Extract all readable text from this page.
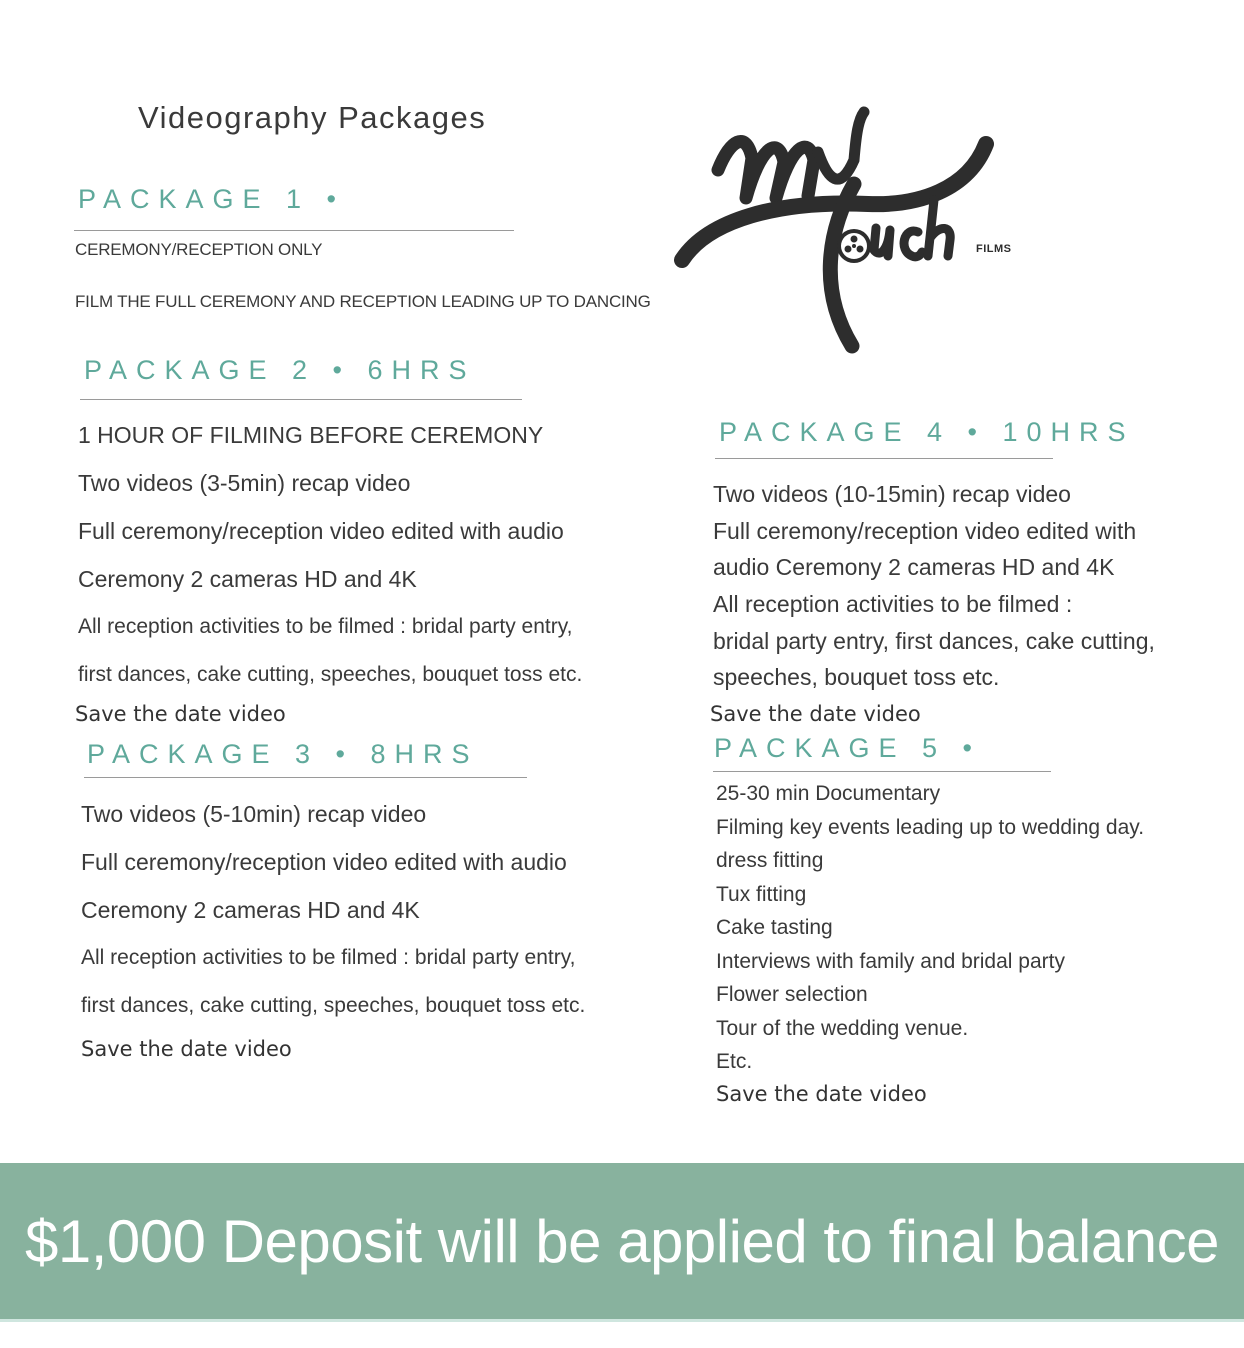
Videography Packages
FILMS
PACKAGE 1 •
CEREMONY/RECEPTION ONLY
FILM THE FULL CEREMONY AND RECEPTION LEADING UP TO DANCING
PACKAGE 2 • 6HRS
1 HOUR OF FILMING BEFORE CEREMONY
Two videos (3-5min) recap video
Full ceremony/reception video edited with audio
Ceremony 2 cameras HD and 4K
All reception activities to be filmed : bridal party entry,
first dances, cake cutting, speeches, bouquet toss etc.
Save the date video
PACKAGE 3 • 8HRS
Two videos (5-10min) recap video
Full ceremony/reception video edited with audio
Ceremony 2 cameras HD and 4K
All reception activities to be filmed : bridal party entry,
first dances, cake cutting, speeches, bouquet toss etc.
Save the date video
PACKAGE 4 • 10HRS
Two videos (10-15min) recap video
Full ceremony/reception video edited with
audio Ceremony 2 cameras HD and 4K
All reception activities to be filmed :
bridal party entry, first dances, cake cutting,
speeches, bouquet toss etc.
Save the date video
PACKAGE 5 •
25-30 min Documentary
Filming key events leading up to wedding day.
dress fitting
Tux fitting
Cake tasting
Interviews with family and bridal party
Flower selection
Tour of the wedding venue.
Etc.
Save the date video
$1,000 Deposit will be applied to final balance
